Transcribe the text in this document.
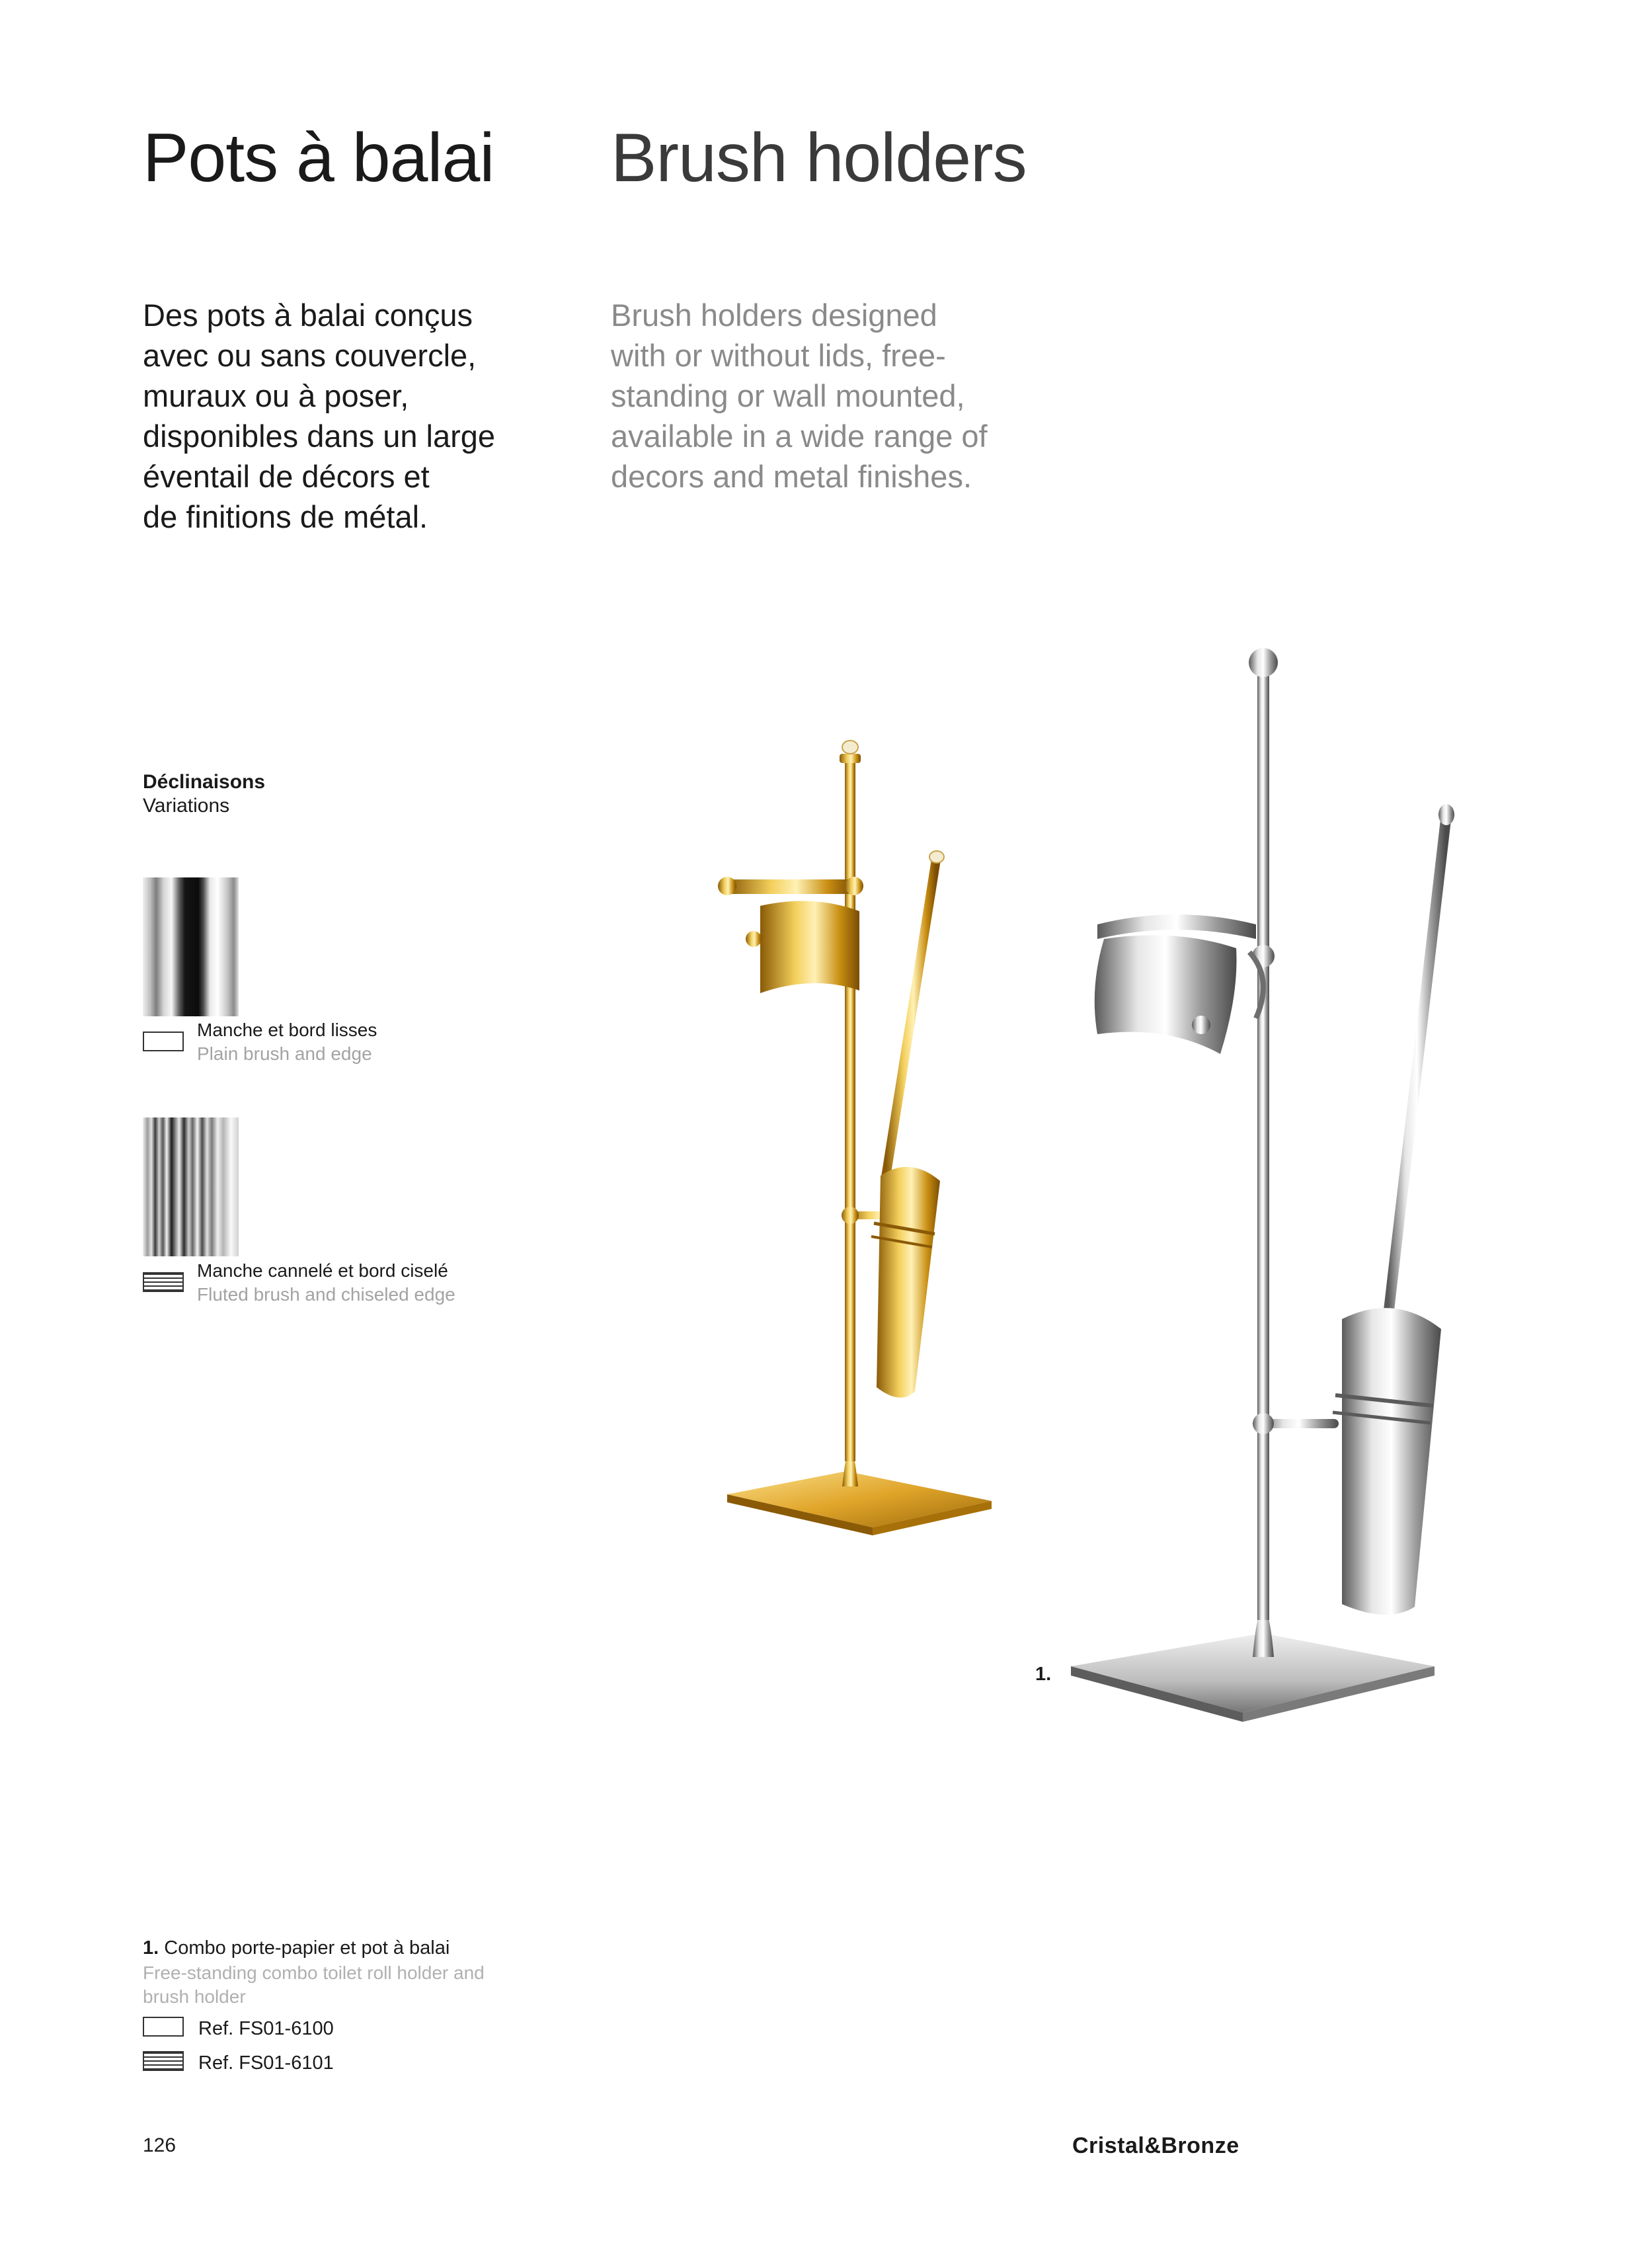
Pots à balai Brush holders
Des pots à balai conçus
avec ou sans couvercle,
muraux ou à poser,
disponibles dans un large
éventail de décors et
de finitions de métal.
Brush holders designed
with or without lids, free-
standing or wall mounted,
available in a wide range of
decors and metal finishes.
Déclinaisons
Variations
Manche et bord lisses
Plain brush and edge
Manche cannelé et bord ciselé
Fluted brush and chiseled edge
1.
1. Combo porte-papier et pot à balai
Free-standing combo toilet roll holder and brush holder
Ref. FS01-6100
Ref. FS01-6101
126	Cristal&Bronze
